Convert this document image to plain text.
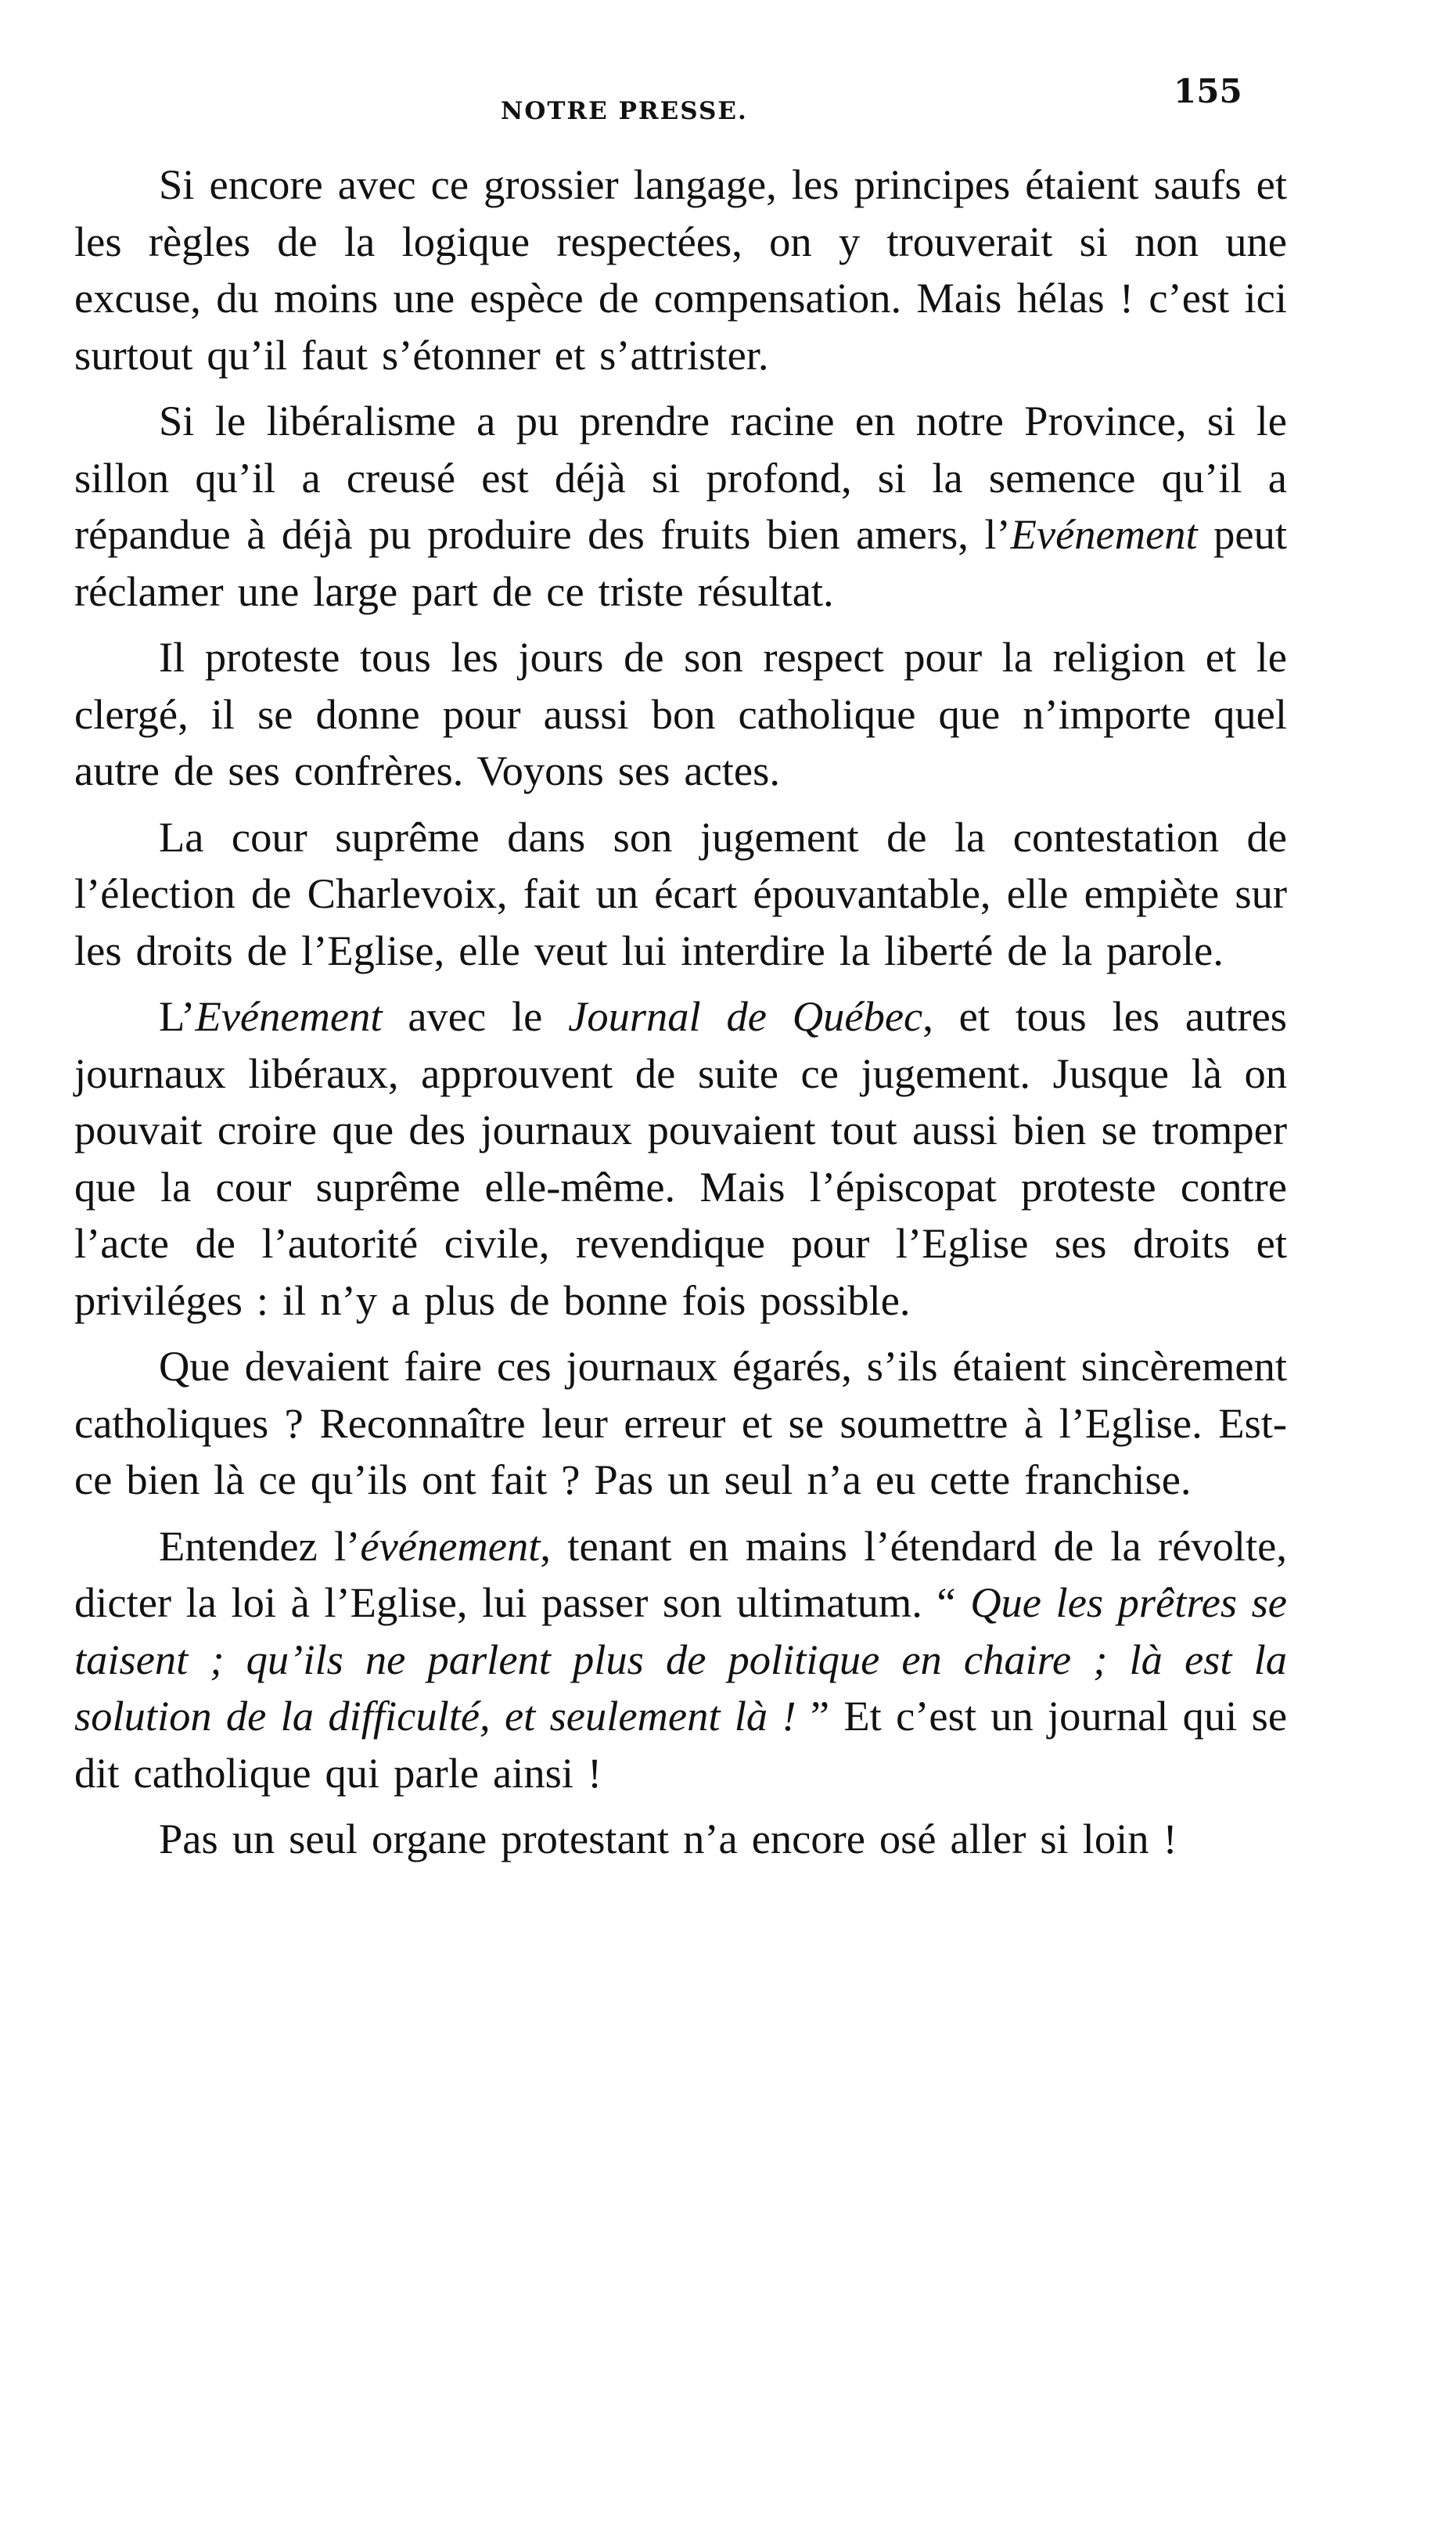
NOTRE PRESSE.
155

Si encore avec ce grossier langage, les principes étaient saufs et les règles de la logique respectées, on y trouverait si non une excuse, du moins une espèce de compensation. Mais hélas ! c’est ici surtout qu’il faut s’étonner et s’attrister.

Si le libéralisme a pu prendre racine en notre Province, si le sillon qu’il a creusé est déjà si profond, si la semence qu’il a répandue à déjà pu produire des fruits bien amers, l’Evénement peut réclamer une large part de ce triste résultat.

Il proteste tous les jours de son respect pour la religion et le clergé, il se donne pour aussi bon catholique que n’importe quel autre de ses confrères. Voyons ses actes.

La cour suprême dans son jugement de la contestation de l’élection de Charlevoix, fait un écart épouvantable, elle empiète sur les droits de l’Eglise, elle veut lui interdire la liberté de la parole.

L’Evénement avec le Journal de Québec, et tous les autres journaux libéraux, approuvent de suite ce jugement. Jusque là on pouvait croire que des journaux pouvaient tout aussi bien se tromper que la cour suprême elle-même. Mais l’épiscopat proteste contre l’acte de l’autorité civile, revendique pour l’Eglise ses droits et priviléges : il n’y a plus de bonne fois possible.

Que devaient faire ces journaux égarés, s’ils étaient sincèrement catholiques ? Reconnaître leur erreur et se soumettre à l’Eglise. Est-ce bien là ce qu’ils ont fait ? Pas un seul n’a eu cette franchise.

Entendez l’événement, tenant en mains l’étendard de la révolte, dicter la loi à l’Eglise, lui passer son ultimatum. “ Que les prêtres se taisent ; qu’ils ne parlent plus de politique en chaire ; là est la solution de la difficulté, et seulement là ! ” Et c’est un journal qui se dit catholique qui parle ainsi !

Pas un seul organe protestant n’a encore osé aller si loin !
